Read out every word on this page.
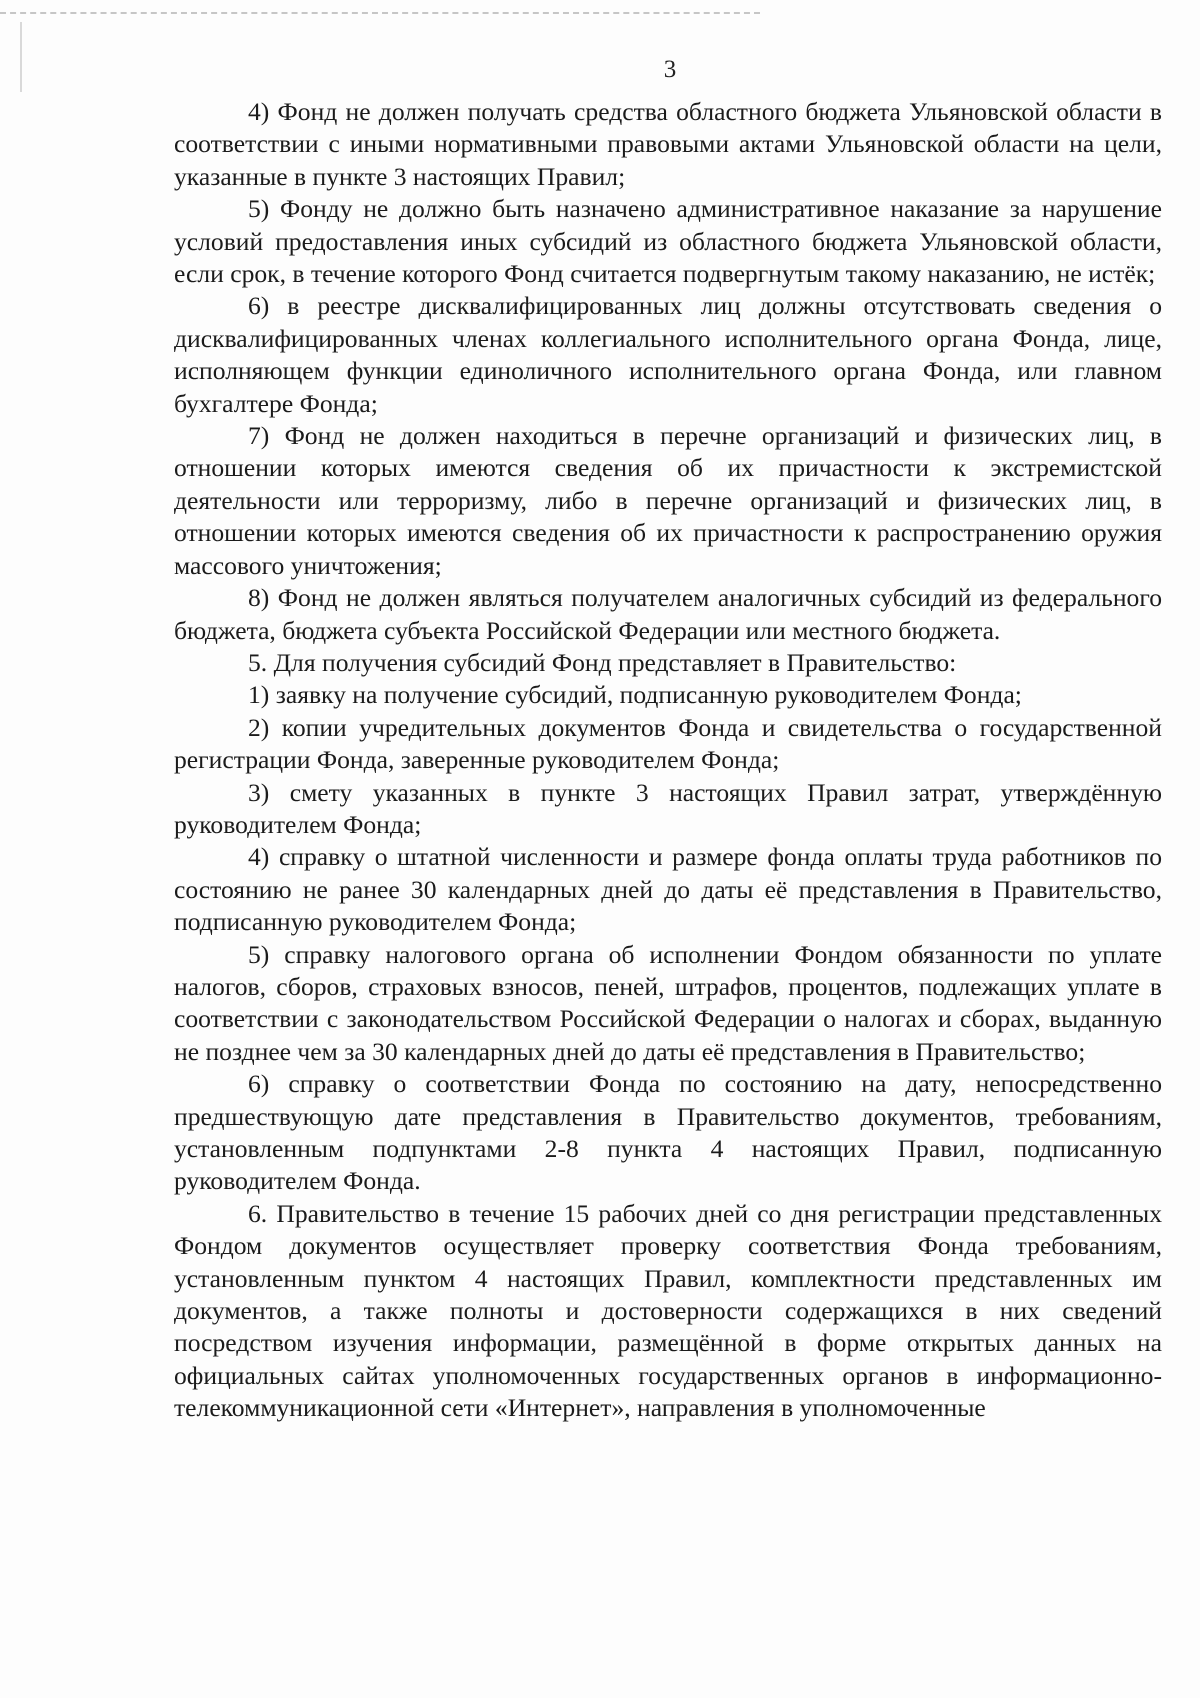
3

4) Фонд не должен получать средства областного бюджета Ульяновской области в соответствии с иными нормативными правовыми актами Ульяновской области на цели, указанные в пункте 3 настоящих Правил;

5) Фонду не должно быть назначено административное наказание за нарушение условий предоставления иных субсидий из областного бюджета Ульяновской области, если срок, в течение которого Фонд считается подвергнутым такому наказанию, не истёк;

6) в реестре дисквалифицированных лиц должны отсутствовать сведения о дисквалифицированных членах коллегиального исполнительного органа Фонда, лице, исполняющем функции единоличного исполнительного органа Фонда, или главном бухгалтере Фонда;

7) Фонд не должен находиться в перечне организаций и физических лиц, в отношении которых имеются сведения об их причастности к экстремистской деятельности или терроризму, либо в перечне организаций и физических лиц, в отношении которых имеются сведения об их причастности к распространению оружия массового уничтожения;

8) Фонд не должен являться получателем аналогичных субсидий из федерального бюджета, бюджета субъекта Российской Федерации или местного бюджета.

5. Для получения субсидий Фонд представляет в Правительство:

1) заявку на получение субсидий, подписанную руководителем Фонда;

2) копии учредительных документов Фонда и свидетельства о государственной регистрации Фонда, заверенные руководителем Фонда;

3) смету указанных в пункте 3 настоящих Правил затрат, утверждённую руководителем Фонда;

4) справку о штатной численности и размере фонда оплаты труда работников по состоянию не ранее 30 календарных дней до даты её представления в Правительство, подписанную руководителем Фонда;

5) справку налогового органа об исполнении Фондом обязанности по уплате налогов, сборов, страховых взносов, пеней, штрафов, процентов, подлежащих уплате в соответствии с законодательством Российской Федерации о налогах и сборах, выданную не позднее чем за 30 календарных дней до даты её представления в Правительство;

6) справку о соответствии Фонда по состоянию на дату, непосредственно предшествующую дате представления в Правительство документов, требованиям, установленным подпунктами 2-8 пункта 4 настоящих Правил, подписанную руководителем Фонда.

6. Правительство в течение 15 рабочих дней со дня регистрации представленных Фондом документов осуществляет проверку соответствия Фонда требованиям, установленным пунктом 4 настоящих Правил, комплектности представленных им документов, а также полноты и достоверности содержащихся в них сведений посредством изучения информации, размещённой в форме открытых данных на официальных сайтах уполномоченных государственных органов в информационно-телекоммуникационной сети «Интернет», направления в уполномоченные
